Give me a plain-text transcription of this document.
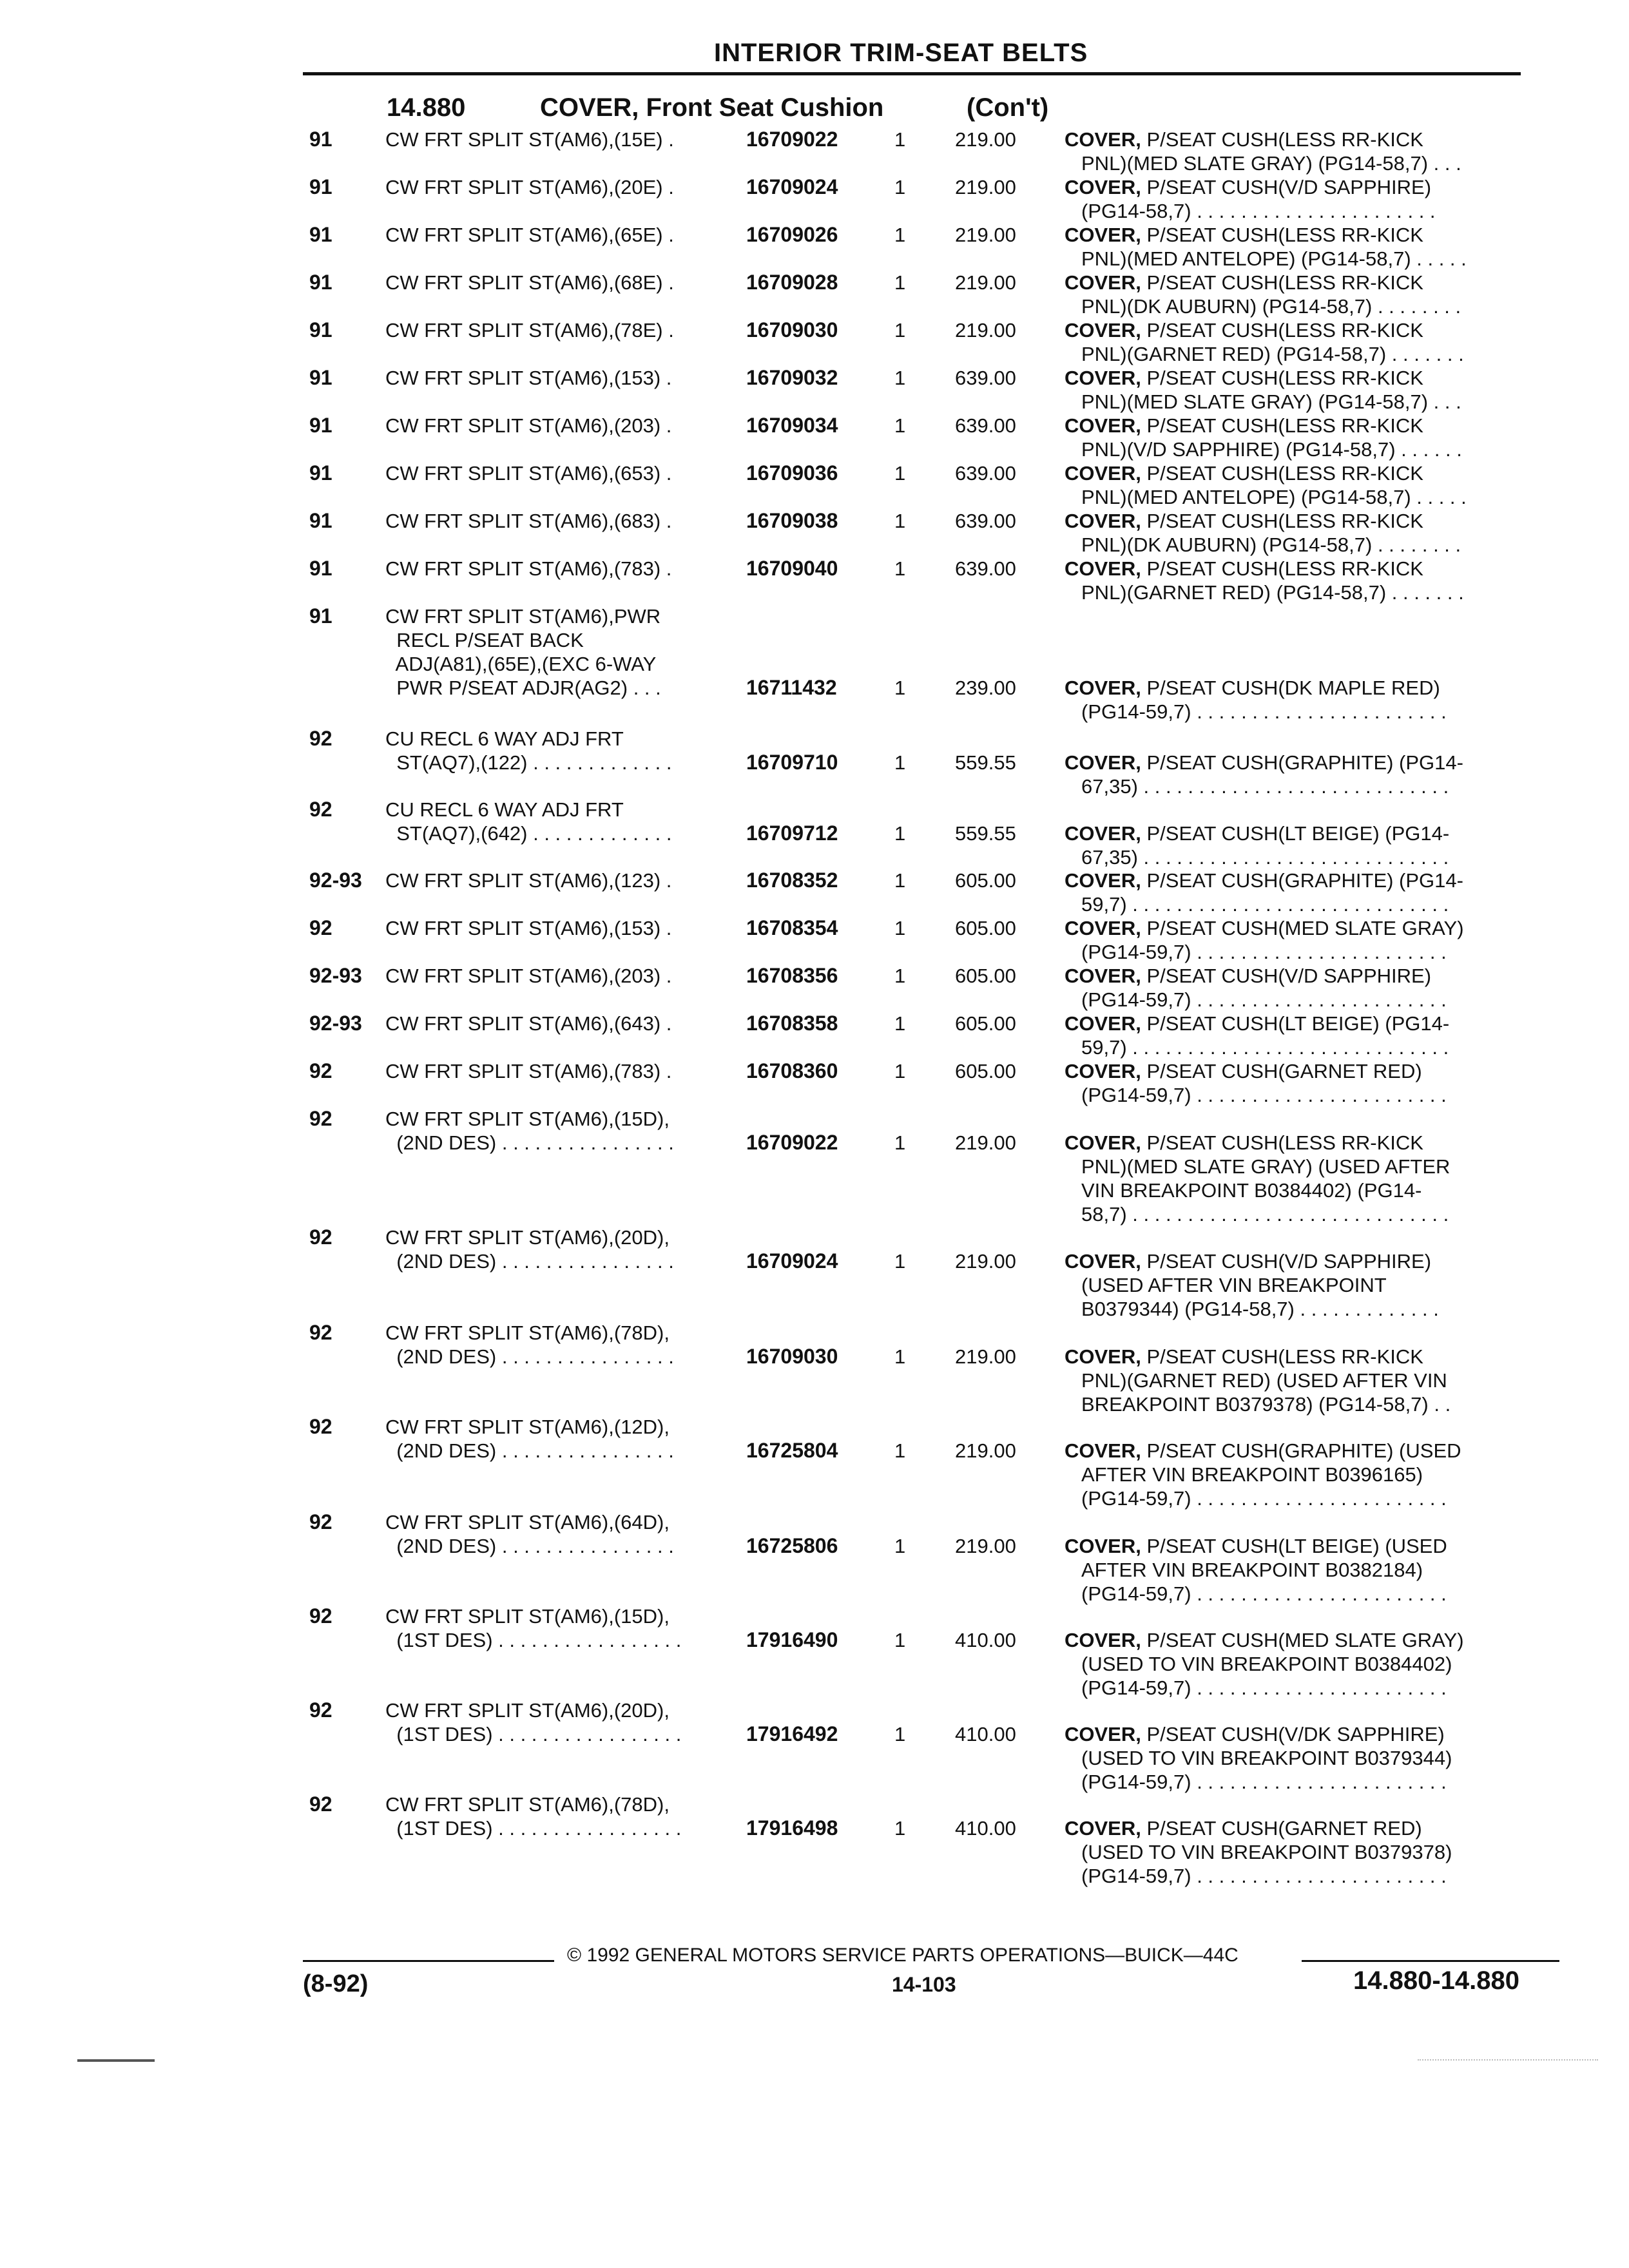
INTERIOR TRIM-SEAT BELTS
14.880	COVER, Front Seat Cushion	(Con't)
91	CW FRT SPLIT ST(AM6),(15E) .	16709022	1 219.00 COVER, P/SEAT CUSH(LESS RR-KICK
PNL)(MED SLATE GRAY) (PG14-58,7) . . .
91	CW FRT SPLIT ST(AM6),(20E) .	16709024	1 219.00 COVER, P/SEAT CUSH(V/D SAPPHIRE)
(PG14-58,7) . . . . . . . . . . . . . . . . . . . . . .
91	CW FRT SPLIT ST(AM6),(65E) .	16709026	1 219.00 COVER, P/SEAT CUSH(LESS RR-KICK
PNL)(MED ANTELOPE) (PG14-58,7) . . . . .
91	CW FRT SPLIT ST(AM6),(68E) .	16709028	1 219.00 COVER, P/SEAT CUSH(LESS RR-KICK
PNL)(DK AUBURN) (PG14-58,7) . . . . . . . .
91	CW FRT SPLIT ST(AM6),(78E) .	16709030	1 219.00 COVER, P/SEAT CUSH(LESS RR-KICK
PNL)(GARNET RED) (PG14-58,7) . . . . . . .
91	CW FRT SPLIT ST(AM6),(153) .	16709032	1 639.00 COVER, P/SEAT CUSH(LESS RR-KICK
PNL)(MED SLATE GRAY) (PG14-58,7) . . .
91	CW FRT SPLIT ST(AM6),(203) .	16709034	1 639.00 COVER, P/SEAT CUSH(LESS RR-KICK
PNL)(V/D SAPPHIRE) (PG14-58,7) . . . . . .
91	CW FRT SPLIT ST(AM6),(653) .	16709036	1 639.00 COVER, P/SEAT CUSH(LESS RR-KICK
PNL)(MED ANTELOPE) (PG14-58,7) . . . . .
91	CW FRT SPLIT ST(AM6),(683) .	16709038	1 639.00 COVER, P/SEAT CUSH(LESS RR-KICK
PNL)(DK AUBURN) (PG14-58,7) . . . . . . . .
91	CW FRT SPLIT ST(AM6),(783) .	16709040	1 639.00 COVER, P/SEAT CUSH(LESS RR-KICK
PNL)(GARNET RED) (PG14-58,7) . . . . . . .
91	CW FRT SPLIT ST(AM6),PWR
RECL P/SEAT BACK
ADJ(A81),(65E),(EXC 6-WAY
PWR P/SEAT ADJR(AG2) . . .	16711432	1 239.00 COVER, P/SEAT CUSH(DK MAPLE RED)
(PG14-59,7) . . . . . . . . . . . . . . . . . . . . . . .
92	CU RECL 6 WAY ADJ FRT
ST(AQ7),(122) . . . . . . . . . . . . .	16709710	1 559.55 COVER, P/SEAT CUSH(GRAPHITE) (PG14-
67,35) . . . . . . . . . . . . . . . . . . . . . . . . . . . .
92	CU RECL 6 WAY ADJ FRT
ST(AQ7),(642) . . . . . . . . . . . . .	16709712	1 559.55 COVER, P/SEAT CUSH(LT BEIGE) (PG14-
67,35) . . . . . . . . . . . . . . . . . . . . . . . . . . . .
92-93	CW FRT SPLIT ST(AM6),(123) .	16708352	1 605.00 COVER, P/SEAT CUSH(GRAPHITE) (PG14-
59,7) . . . . . . . . . . . . . . . . . . . . . . . . . . . . .
92	CW FRT SPLIT ST(AM6),(153) .	16708354	1 605.00 COVER, P/SEAT CUSH(MED SLATE GRAY)
(PG14-59,7) . . . . . . . . . . . . . . . . . . . . . . .
92-93	CW FRT SPLIT ST(AM6),(203) .	16708356	1 605.00 COVER, P/SEAT CUSH(V/D SAPPHIRE)
(PG14-59,7) . . . . . . . . . . . . . . . . . . . . . . .
92-93	CW FRT SPLIT ST(AM6),(643) .	16708358	1 605.00 COVER, P/SEAT CUSH(LT BEIGE) (PG14-
59,7) . . . . . . . . . . . . . . . . . . . . . . . . . . . . .
92	CW FRT SPLIT ST(AM6),(783) .	16708360	1 605.00 COVER, P/SEAT CUSH(GARNET RED)
(PG14-59,7) . . . . . . . . . . . . . . . . . . . . . . .
92	CW FRT SPLIT ST(AM6),(15D),
(2ND DES) . . . . . . . . . . . . . . . .	16709022	1 219.00 COVER, P/SEAT CUSH(LESS RR-KICK
PNL)(MED SLATE GRAY) (USED AFTER
VIN BREAKPOINT B0384402) (PG14-
58,7) . . . . . . . . . . . . . . . . . . . . . . . . . . . . .
92	CW FRT SPLIT ST(AM6),(20D),
(2ND DES) . . . . . . . . . . . . . . . .	16709024	1 219.00 COVER, P/SEAT CUSH(V/D SAPPHIRE)
(USED AFTER VIN BREAKPOINT
B0379344) (PG14-58,7) . . . . . . . . . . . . .
92	CW FRT SPLIT ST(AM6),(78D),
(2ND DES) . . . . . . . . . . . . . . . .	16709030	1 219.00 COVER, P/SEAT CUSH(LESS RR-KICK
PNL)(GARNET RED) (USED AFTER VIN
BREAKPOINT B0379378) (PG14-58,7) . .
92	CW FRT SPLIT ST(AM6),(12D),
(2ND DES) . . . . . . . . . . . . . . . .	16725804	1 219.00 COVER, P/SEAT CUSH(GRAPHITE) (USED
AFTER VIN BREAKPOINT B0396165)
(PG14-59,7) . . . . . . . . . . . . . . . . . . . . . . .
92	CW FRT SPLIT ST(AM6),(64D),
(2ND DES) . . . . . . . . . . . . . . . .	16725806	1 219.00 COVER, P/SEAT CUSH(LT BEIGE) (USED
AFTER VIN BREAKPOINT B0382184)
(PG14-59,7) . . . . . . . . . . . . . . . . . . . . . . .
92	CW FRT SPLIT ST(AM6),(15D),
(1ST DES) . . . . . . . . . . . . . . . . .	17916490	1 410.00 COVER, P/SEAT CUSH(MED SLATE GRAY)
(USED TO VIN BREAKPOINT B0384402)
(PG14-59,7) . . . . . . . . . . . . . . . . . . . . . . .
92	CW FRT SPLIT ST(AM6),(20D),
(1ST DES) . . . . . . . . . . . . . . . . .	17916492	1 410.00 COVER, P/SEAT CUSH(V/DK SAPPHIRE)
(USED TO VIN BREAKPOINT B0379344)
(PG14-59,7) . . . . . . . . . . . . . . . . . . . . . . .
92	CW FRT SPLIT ST(AM6),(78D),
(1ST DES) . . . . . . . . . . . . . . . . .	17916498	1 410.00 COVER, P/SEAT CUSH(GARNET RED)
(USED TO VIN BREAKPOINT B0379378)
(PG14-59,7) . . . . . . . . . . . . . . . . . . . . . . .
© 1992 GENERAL MOTORS SERVICE PARTS OPERATIONS—BUICK—44C
(8-92)	14-103	14.880-14.880
